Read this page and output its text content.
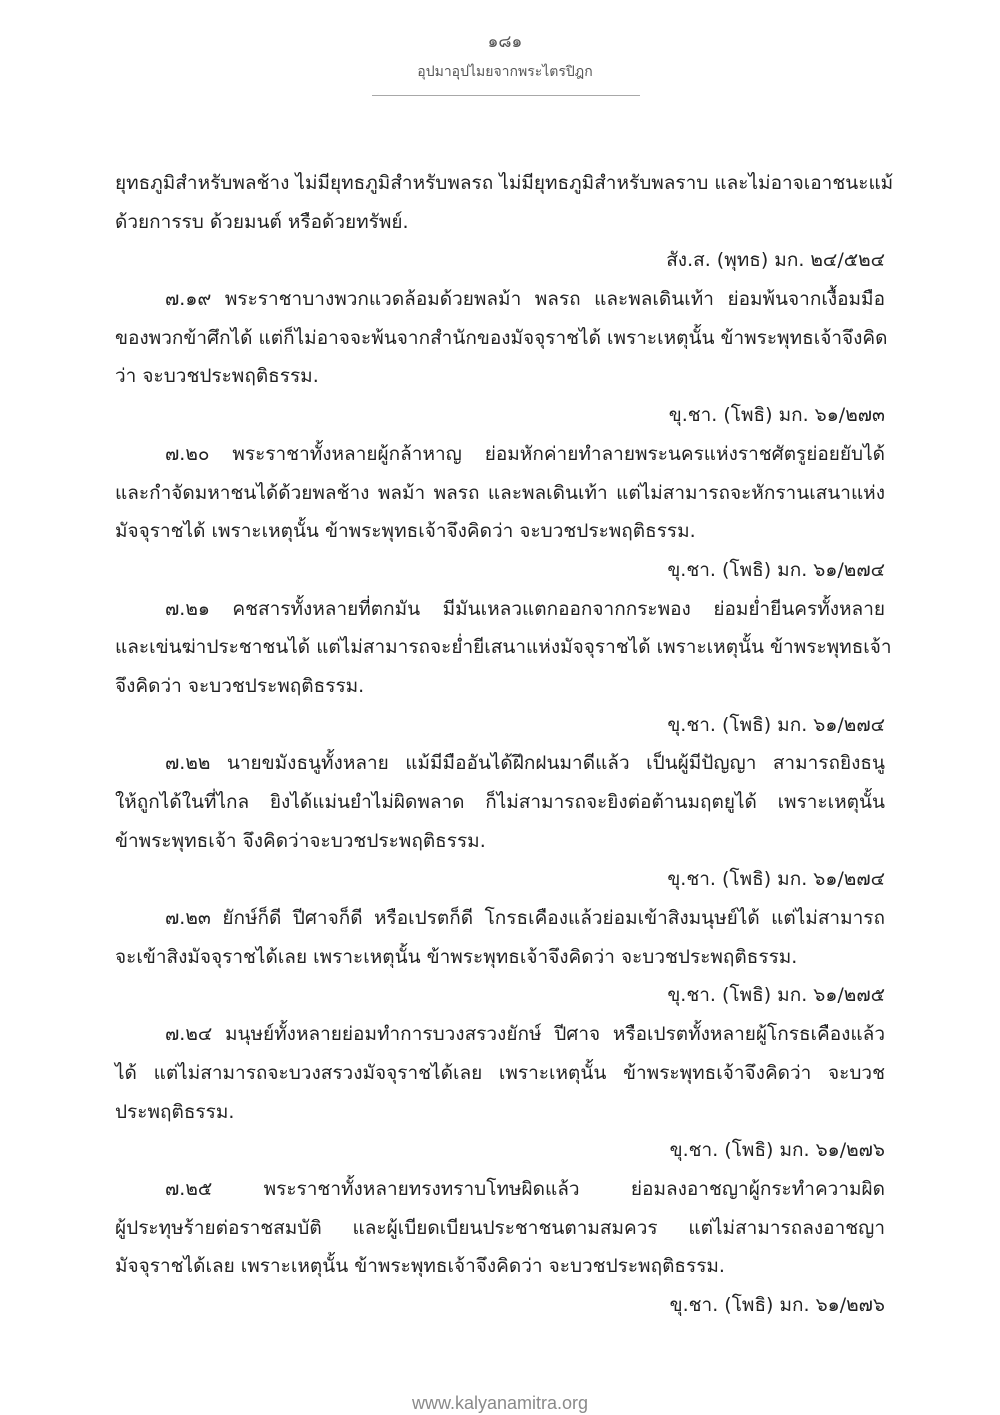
๑๘๑
อุปมาอุปไมยจากพระไตรปิฎก
ยุทธภูมิสำหรับพลช้าง ไม่มียุทธภูมิสำหรับพลรถ ไม่มียุทธภูมิสำหรับพลราบ และไม่อาจเอาชนะแม้
ด้วยการรบ ด้วยมนต์ หรือด้วยทรัพย์.
สัง.ส. (พุทธ) มก. ๒๔/๕๒๔
๗.๑๙ พระราชาบางพวกแวดล้อมด้วยพลม้า พลรถ และพลเดินเท้า ย่อมพ้นจากเงื้อมมือ
ของพวกข้าศึกได้ แต่ก็ไม่อาจจะพ้นจากสำนักของมัจจุราชได้ เพราะเหตุนั้น ข้าพระพุทธเจ้าจึงคิด
ว่า จะบวชประพฤติธรรม.
ขุ.ชา. (โพธิ) มก. ๖๑/๒๗๓
๗.๒๐ พระราชาทั้งหลายผู้กล้าหาญ ย่อมหักค่ายทำลายพระนครแห่งราชศัตรูย่อยยับได้
และกำจัดมหาชนได้ด้วยพลช้าง พลม้า พลรถ และพลเดินเท้า แต่ไม่สามารถจะหักรานเสนาแห่ง
มัจจุราชได้ เพราะเหตุนั้น ข้าพระพุทธเจ้าจึงคิดว่า จะบวชประพฤติธรรม.
ขุ.ชา. (โพธิ) มก. ๖๑/๒๗๔
๗.๒๑ คชสารทั้งหลายที่ตกมัน มีมันเหลวแตกออกจากกระพอง ย่อมย่ำยีนครทั้งหลาย
และเข่นฆ่าประชาชนได้ แต่ไม่สามารถจะย่ำยีเสนาแห่งมัจจุราชได้ เพราะเหตุนั้น ข้าพระพุทธเจ้า
จึงคิดว่า จะบวชประพฤติธรรม.
ขุ.ชา. (โพธิ) มก. ๖๑/๒๗๔
๗.๒๒ นายขมังธนูทั้งหลาย แม้มีมืออันได้ฝึกฝนมาดีแล้ว เป็นผู้มีปัญญา สามารถยิงธนู
ให้ถูกได้ในที่ไกล ยิงได้แม่นยำไม่ผิดพลาด ก็ไม่สามารถจะยิงต่อต้านมฤตยูได้ เพราะเหตุนั้น
ข้าพระพุทธเจ้า จึงคิดว่าจะบวชประพฤติธรรม.
ขุ.ชา. (โพธิ) มก. ๖๑/๒๗๔
๗.๒๓ ยักษ์ก็ดี ปีศาจก็ดี หรือเปรตก็ดี โกรธเคืองแล้วย่อมเข้าสิงมนุษย์ได้ แต่ไม่สามารถ
จะเข้าสิงมัจจุราชได้เลย เพราะเหตุนั้น ข้าพระพุทธเจ้าจึงคิดว่า จะบวชประพฤติธรรม.
ขุ.ชา. (โพธิ) มก. ๖๑/๒๗๕
๗.๒๔ มนุษย์ทั้งหลายย่อมทำการบวงสรวงยักษ์ ปีศาจ หรือเปรตทั้งหลายผู้โกรธเคืองแล้ว
ได้ แต่ไม่สามารถจะบวงสรวงมัจจุราชได้เลย เพราะเหตุนั้น ข้าพระพุทธเจ้าจึงคิดว่า จะบวช
ประพฤติธรรม.
ขุ.ชา. (โพธิ) มก. ๖๑/๒๗๖
๗.๒๕	พระราชาทั้งหลายทรงทราบโทษผิดแล้ว ย่อมลงอาชญาผู้กระทำความผิด
ผู้ประทุษร้ายต่อราชสมบัติ และผู้เบียดเบียนประชาชนตามสมควร แต่ไม่สามารถลงอาชญา
มัจจุราชได้เลย เพราะเหตุนั้น ข้าพระพุทธเจ้าจึงคิดว่า จะบวชประพฤติธรรม.
ขุ.ชา. (โพธิ) มก. ๖๑/๒๗๖
www.kalyanamitra.org
